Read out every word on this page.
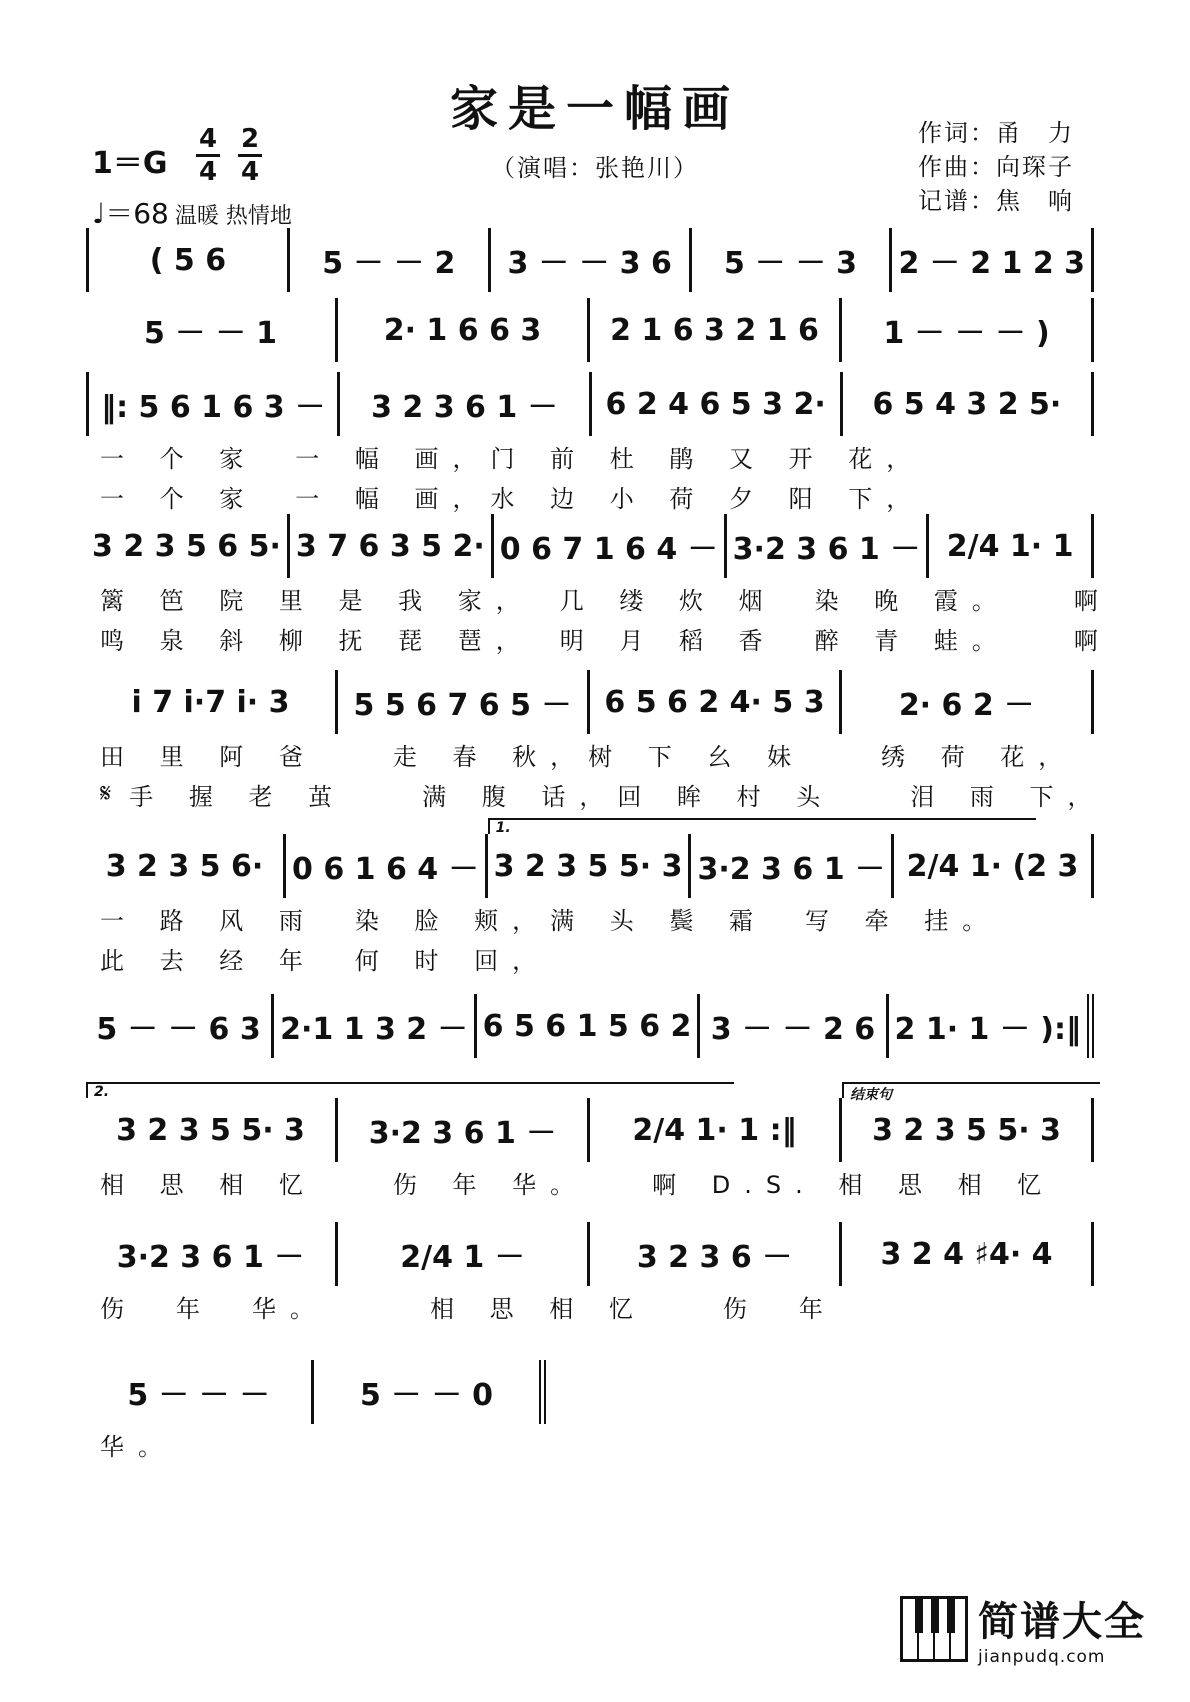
家是一幅画
（演唱：张艳川）
$1=G \frac{4}{4} \frac{2}{4}$
♩＝68 温暖 热情地
作词：甬　力
作曲：向琛子
记谱：焦　响
( 5 6	5 － － 2	3 － － 3 6	5 － － 3	2 － 2 1 2 3
5 － － 1	2· 1 6 6 3	2 1 6 3 2 1 6	1 － － － )
‖: 5 6 1 6 3 －	3 2 3 6 1 －	6 2 4 6 5 3 2·	6 5 4 3 2 5·
一 个 家　一 幅 画，门 前 杜 鹃 又 开 花，
一 个 家　一 幅 画，水 边 小 荷 夕 阳 下，
3 2 3 5 6 5· 3 7 6 3 5 2· 0 6 7 1 6 4 － 3·2 3 6 1 － 2/4 1· 1
篱 笆 院 里 是 我 家，　几 缕 炊 烟　染 晚 霞。　　啊
鸣 泉 斜 柳 抚 琵 琶，　明 月 稻 香　醉 青 蛙。　　啊
i 7 i·7 i· 3	5 5 6 7 6 5 －	6 5 6 2 4· 5 3	2· 6 2 －
田 里 阿 爸　　走 春 秋，树 下 幺 妹　　绣 荷 花，
𝄋 手 握 老 茧　　满 腹 话，回 眸 村 头　　泪 雨 下，
3 2 3 5 6· 0 6 1 6 4 －
1.
3 2 3 5 5· 3 3·2 3 6 1 － 2/4 1· (2 3
一 路 风 雨　染 脸 颊，满 头 鬓 霜　写 牵 挂。
此 去 经 年　何 时 回，
5 － － 6 3 2·1 1 3 2 － 6 5 6 1 5 6 2 3 － － 2 6 2 1· 1 － ):‖
2.
3 2 3 5 5· 3	3·2 3 6 1 －	2/4 1· 1 :‖
结束句
3 2 3 5 5· 3
相 思 相 忆　　伤 年 华。　　啊 D.S. 相 思 相 忆
3·2 3 6 1 －	2/4 1 －	3 2 3 6 －	3 2 4 ♯4· 4
伤　年　华。　　　相 思 相 忆　　伤　年
5 － － －	5 － － 0
华。
简谱大全
jianpudq.com
